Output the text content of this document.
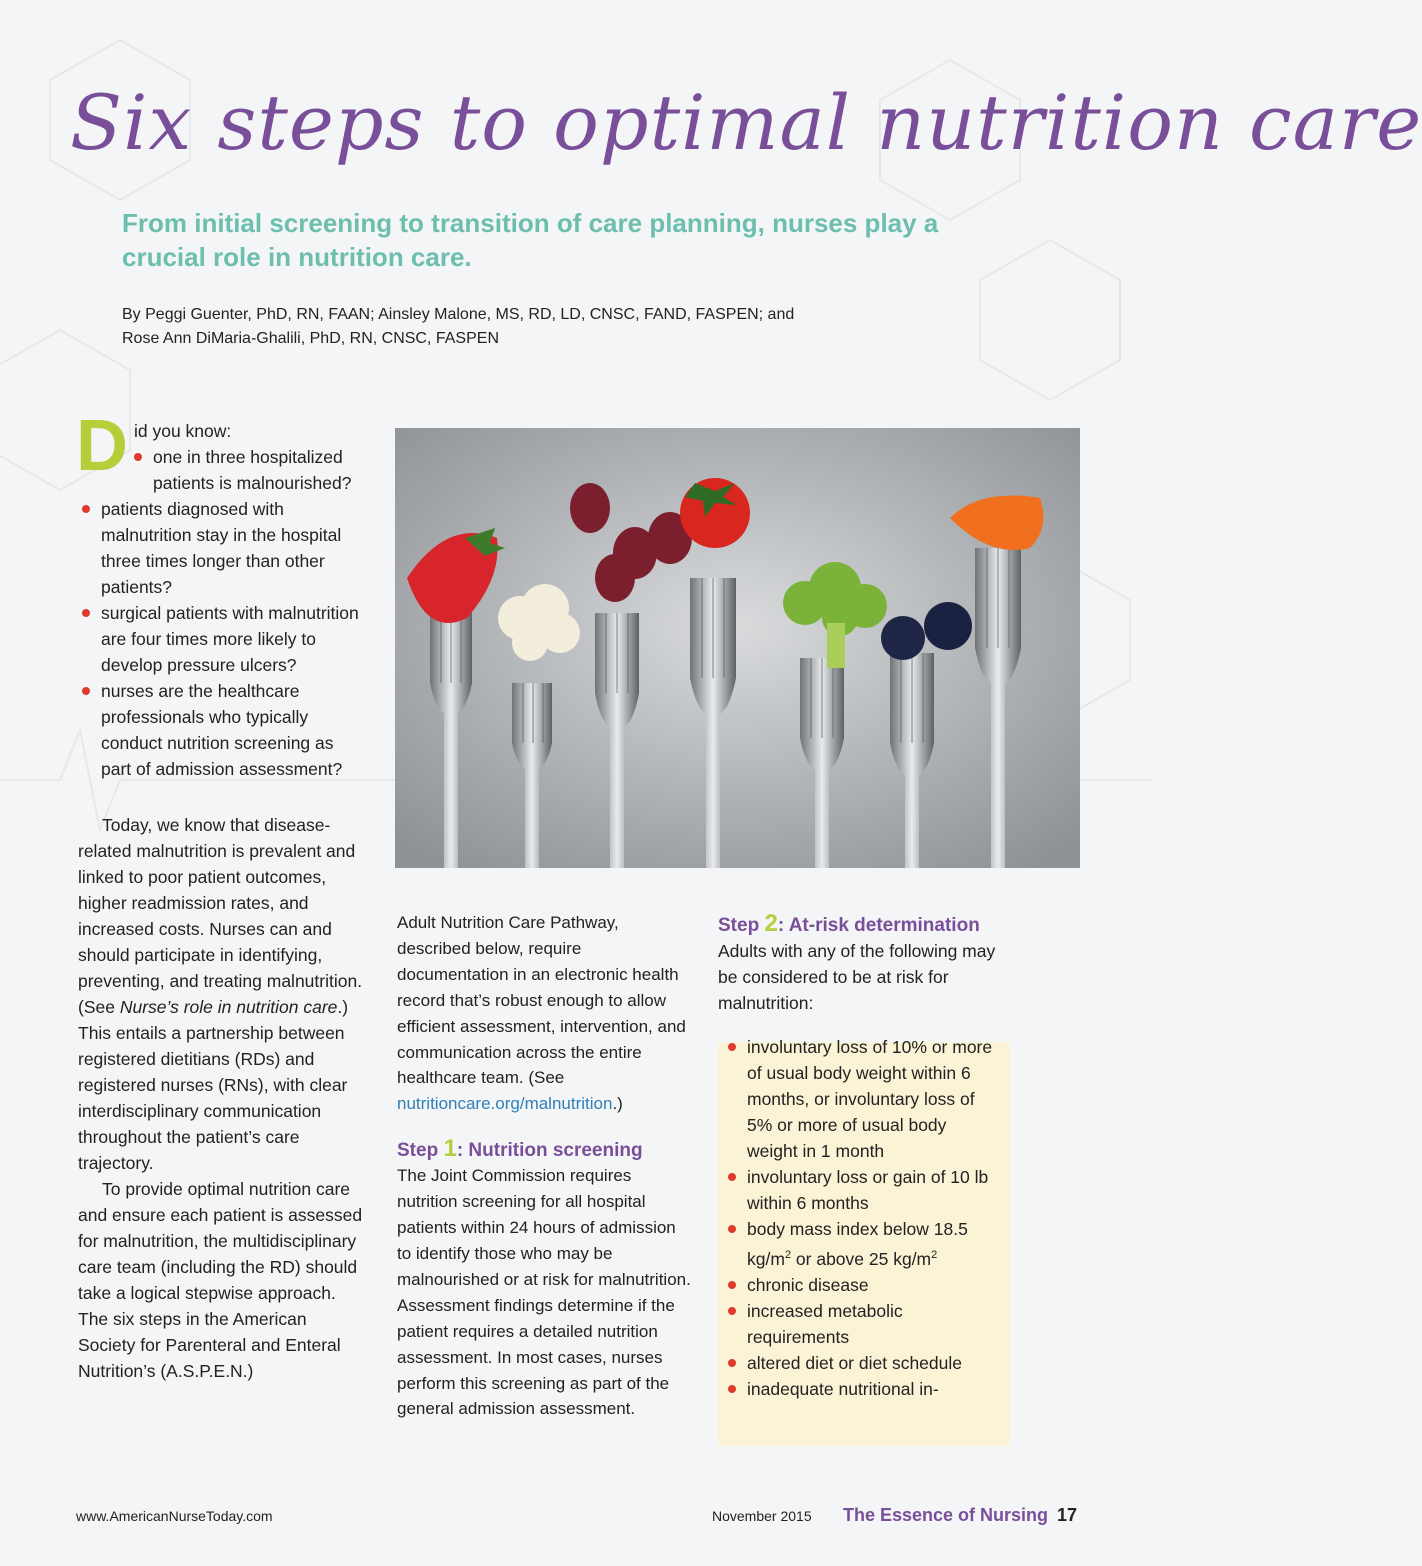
Six steps to optimal nutrition care
From initial screening to transition of care planning, nurses play a crucial role in nutrition care.
By Peggi Guenter, PhD, RN, FAAN; Ainsley Malone, MS, RD, LD, CNSC, FAND, FASPEN; and
Rose Ann DiMaria-Ghalili, PhD, RN, CNSC, FASPEN
D id you know:
one in three hospitalized patients is malnourished?
patients diagnosed with malnutrition stay in the hospital three times longer than other patients?
surgical patients with malnutrition are four times more likely to develop pressure ulcers?
nurses are the healthcare professionals who typically conduct nutrition screening as part of admission assessment?

Today, we know that disease-related malnutrition is prevalent and linked to poor patient outcomes, higher readmission rates, and increased costs. Nurses can and should participate in identifying, preventing, and treating malnutrition. (See Nurse’s role in nutrition care.) This entails a partnership between registered dietitians (RDs) and registered nurses (RNs), with clear interdisciplinary communication throughout the patient’s care trajectory.

To provide optimal nutrition care and ensure each patient is assessed for malnutrition, the multidisciplinary care team (including the RD) should take a logical stepwise approach. The six steps in the American Society for Parenteral and Enteral Nutrition’s (A.S.P.E.N.)

Adult Nutrition Care Pathway, described below, require documentation in an electronic health record that’s robust enough to allow efficient assessment, intervention, and communication across the entire healthcare team. (See nutritioncare.org/malnutrition.)

Step 1: Nutrition screening

The Joint Commission requires nutrition screening for all hospital patients within 24 hours of admission to identify those who may be malnourished or at risk for malnutrition. Assessment findings determine if the patient requires a detailed nutrition assessment. In most cases, nurses perform this screening as part of the general admission assessment.

Step 2: At-risk determination

Adults with any of the following may be considered to be at risk for malnutrition:

involuntary loss of 10% or more of usual body weight within 6 months, or involuntary loss of 5% or more of usual body weight in 1 month
involuntary loss or gain of 10 lb within 6 months
body mass index below 18.5 $kg/m^2$ or above 25 $kg/m^2$
chronic disease
increased metabolic requirements
altered diet or diet schedule
inadequate nutritional in-
www.AmericanNurseToday.com	November 2015 The Essence of Nursing 17
